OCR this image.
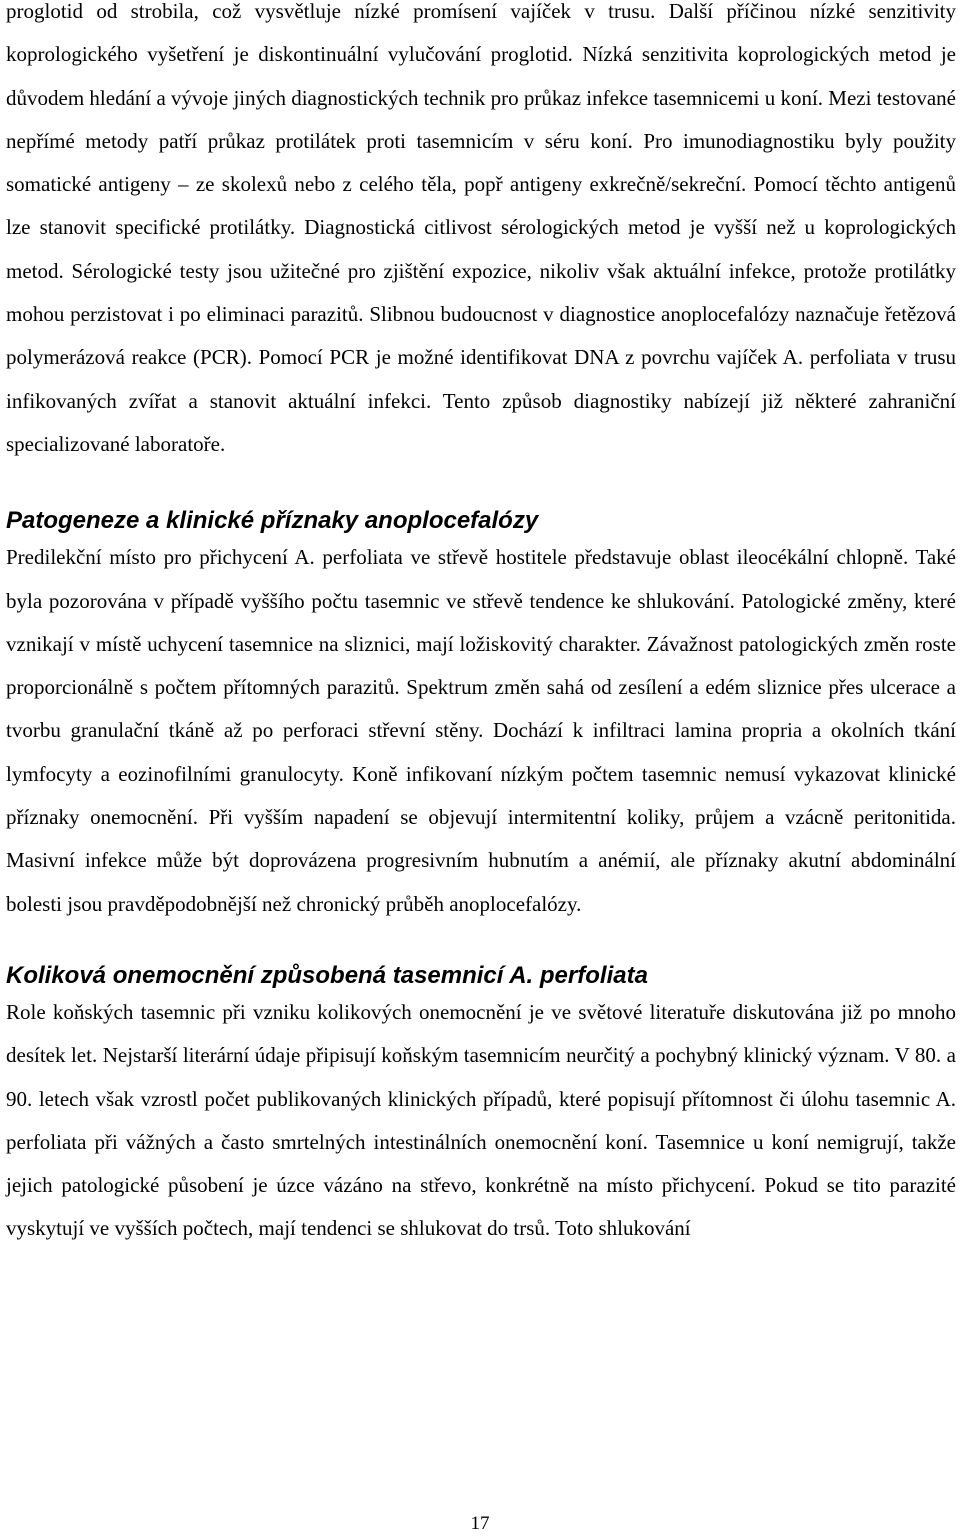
proglotid od strobila, což vysvětluje nízké promísení vajíček v trusu. Další příčinou nízké senzitivity koprologického vyšetření je diskontinuální vylučování proglotid. Nízká senzitivita koprologických metod je důvodem hledání a vývoje jiných diagnostických technik pro průkaz infekce tasemnicemi u koní. Mezi testované nepřímé metody patří průkaz protilátek proti tasemnicím v séru koní. Pro imunodiagnostiku byly použity somatické antigeny – ze skolexů nebo z celého těla, popř antigeny exkrečně/sekreční. Pomocí těchto antigenů lze stanovit specifické protilátky. Diagnostická citlivost sérologických metod je vyšší než u koprologických metod. Sérologické testy jsou užitečné pro zjištění expozice, nikoliv však aktuální infekce, protože protilátky mohou perzistovat i po eliminaci parazitů. Slibnou budoucnost v diagnostice anoplocefalózy naznačuje řetězová polymerázová reakce (PCR). Pomocí PCR je možné identifikovat DNA z povrchu vajíček A. perfoliata v trusu infikovaných zvířat a stanovit aktuální infekci. Tento způsob diagnostiky nabízejí již některé zahraniční specializované laboratoře.

Patogeneze a klinické příznaky anoplocefalózy

Predilekční místo pro přichycení A. perfoliata ve střevě hostitele představuje oblast ileocékální chlopně. Také byla pozorována v případě vyššího počtu tasemnic ve střevě tendence ke shlukování. Patologické změny, které vznikají v místě uchycení tasemnice na sliznici, mají ložiskovitý charakter. Závažnost patologických změn roste proporcionálně s počtem přítomných parazitů. Spektrum změn sahá od zesílení a edém sliznice přes ulcerace a tvorbu granulační tkáně až po perforaci střevní stěny. Dochází k infiltraci lamina propria a okolních tkání lymfocyty a eozinofilními granulocyty. Koně infikovaní nízkým počtem tasemnic nemusí vykazovat klinické příznaky onemocnění. Při vyšším napadení se objevují intermitentní koliky, průjem a vzácně peritonitida. Masivní infekce může být doprovázena progresivním hubnutím a anémií, ale příznaky akutní abdominální bolesti jsou pravděpodobnější než chronický průběh anoplocefalózy.

Koliková onemocnění způsobená tasemnicí A. perfoliata

Role koňských tasemnic při vzniku kolikových onemocnění je ve světové literatuře diskutována již po mnoho desítek let. Nejstarší literární údaje připisují koňským tasemnicím neurčitý a pochybný klinický význam. V 80. a 90. letech však vzrostl počet publikovaných klinických případů, které popisují přítomnost či úlohu tasemnic A. perfoliata při vážných a často smrtelných intestinálních onemocnění koní. Tasemnice u koní nemigrují, takže jejich patologické působení je úzce vázáno na střevo, konkrétně na místo přichycení. Pokud se tito parazité vyskytují ve vyšších počtech, mají tendenci se shlukovat do trsů. Toto shlukování

17
